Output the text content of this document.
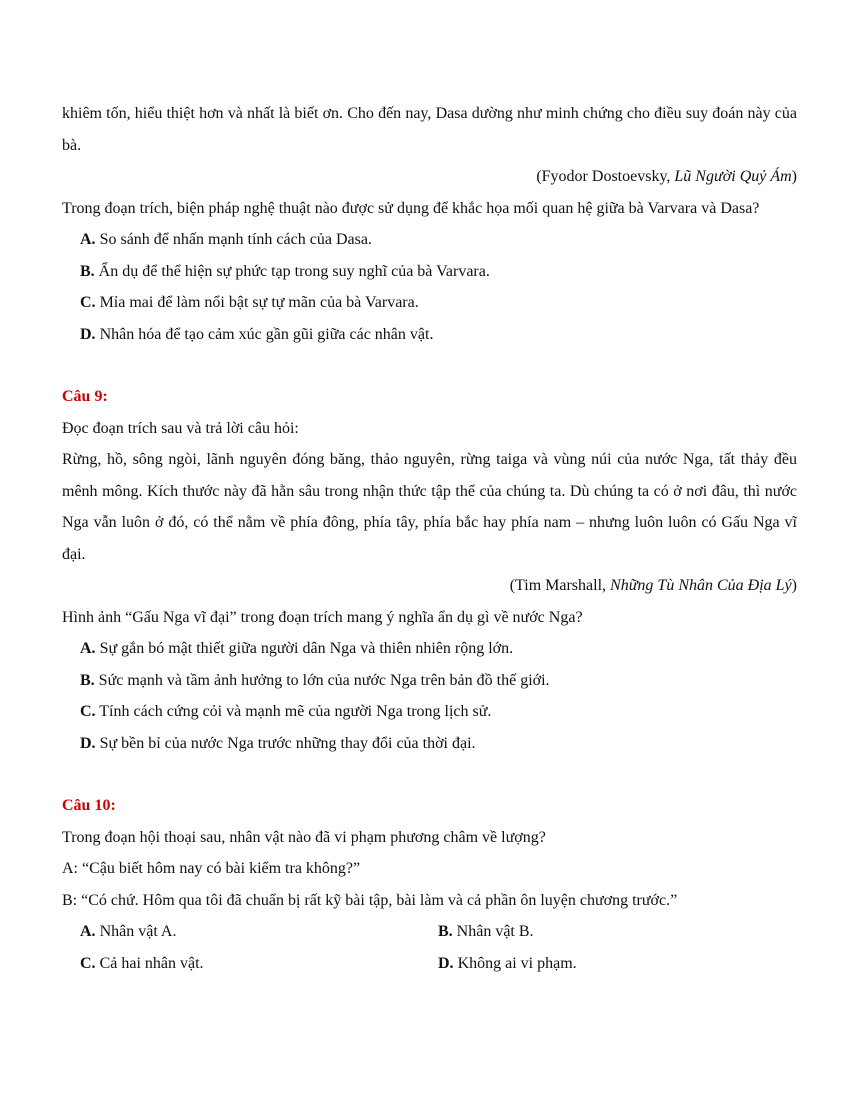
khiêm tốn, hiểu thiệt hơn và nhất là biết ơn. Cho đến nay, Dasa dường như minh chứng cho điều suy đoán này của bà.

(Fyodor Dostoevsky, Lũ Người Quỷ Ám)

Trong đoạn trích, biện pháp nghệ thuật nào được sử dụng để khắc họa mối quan hệ giữa bà Varvara và Dasa?

A. So sánh để nhấn mạnh tính cách của Dasa.

B. Ẩn dụ để thể hiện sự phức tạp trong suy nghĩ của bà Varvara.

C. Mỉa mai để làm nổi bật sự tự mãn của bà Varvara.

D. Nhân hóa để tạo cảm xúc gần gũi giữa các nhân vật.

Câu 9:

Đọc đoạn trích sau và trả lời câu hỏi:

Rừng, hồ, sông ngòi, lãnh nguyên đóng băng, thảo nguyên, rừng taiga và vùng núi của nước Nga, tất thảy đều mênh mông. Kích thước này đã hằn sâu trong nhận thức tập thể của chúng ta. Dù chúng ta có ở nơi đâu, thì nước Nga vẫn luôn ở đó, có thể nằm về phía đông, phía tây, phía bắc hay phía nam – nhưng luôn luôn có Gấu Nga vĩ đại.

(Tim Marshall, Những Tù Nhân Của Địa Lý)

Hình ảnh “Gấu Nga vĩ đại” trong đoạn trích mang ý nghĩa ẩn dụ gì về nước Nga?

A. Sự gắn bó mật thiết giữa người dân Nga và thiên nhiên rộng lớn.

B. Sức mạnh và tầm ảnh hưởng to lớn của nước Nga trên bản đồ thế giới.

C. Tính cách cứng cỏi và mạnh mẽ của người Nga trong lịch sử.

D. Sự bền bỉ của nước Nga trước những thay đổi của thời đại.

Câu 10:

Trong đoạn hội thoại sau, nhân vật nào đã vi phạm phương châm về lượng?

A: “Cậu biết hôm nay có bài kiểm tra không?”

B: “Có chứ. Hôm qua tôi đã chuẩn bị rất kỹ bài tập, bài làm và cả phần ôn luyện chương trước.”

A. Nhân vật A.	B. Nhân vật B.
C. Cả hai nhân vật.	D. Không ai vi phạm.
